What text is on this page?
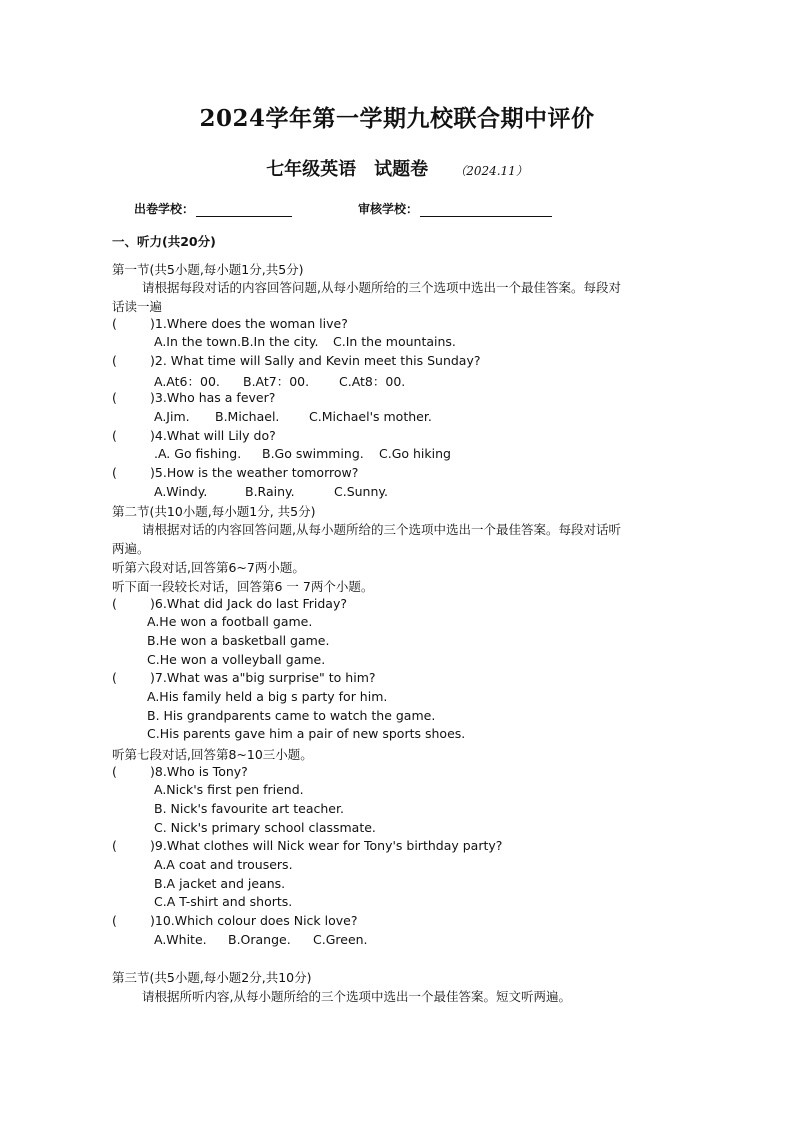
2024学年第一学期九校联合期中评价
七年级英语　试题卷 （2024.11）
出卷学校：	审核学校：
一、听力(共20分)
第一节(共5小题,每小题1分,共5分)
请根据每段对话的内容回答问题,从每小题所给的三个选项中选出一个最佳答案。每段对
话读一遍
(	)1.Where does the woman live?
A.In the town.B.In the city. C.In the mountains.
(	)2. What time will Sally and Kevin meet this Sunday?
A.At6：00. B.At7：00. C.At8：00.
(	)3.Who has a fever?
A.Jim. B.Michael. C.Michael's mother.
(	)4.What will Lily do?
.A. Go fishing. B.Go swimming. C.Go hiking
(	)5.How is the weather tomorrow?
A.Windy.	B.Rainy.	C.Sunny.
第二节(共10小题,每小题1分, 共5分)
请根据对话的内容回答问题,从每小题所给的三个选项中选出一个最佳答案。每段对话听
两遍。
听第六段对话,回答第6~7两小题。
听下面一段较长对话，回答第6 一 7两个小题。
(	)6.What did Jack do last Friday?
A.He won a football game.
B.He won a basketball game.
C.He won a volleyball game.
(	)7.What was a"big surprise" to him?
A.His family held a big s party for him.
B. His grandparents came to watch the game.
C.His parents gave him a pair of new sports shoes.
听第七段对话,回答第8~10三小题。
(	)8.Who is Tony?
A.Nick's first pen friend.
B. Nick's favourite art teacher.
C. Nick's primary school classmate.
(	)9.What clothes will Nick wear for Tony's birthday party?
A.A coat and trousers.
B.A jacket and jeans.
C.A T-shirt and shorts.
(	)10.Which colour does Nick love?
A.White. B.Orange. C.Green.
第三节(共5小题,每小题2分,共10分)
请根据所听内容,从每小题所给的三个选项中选出一个最佳答案。短文听两遍。
